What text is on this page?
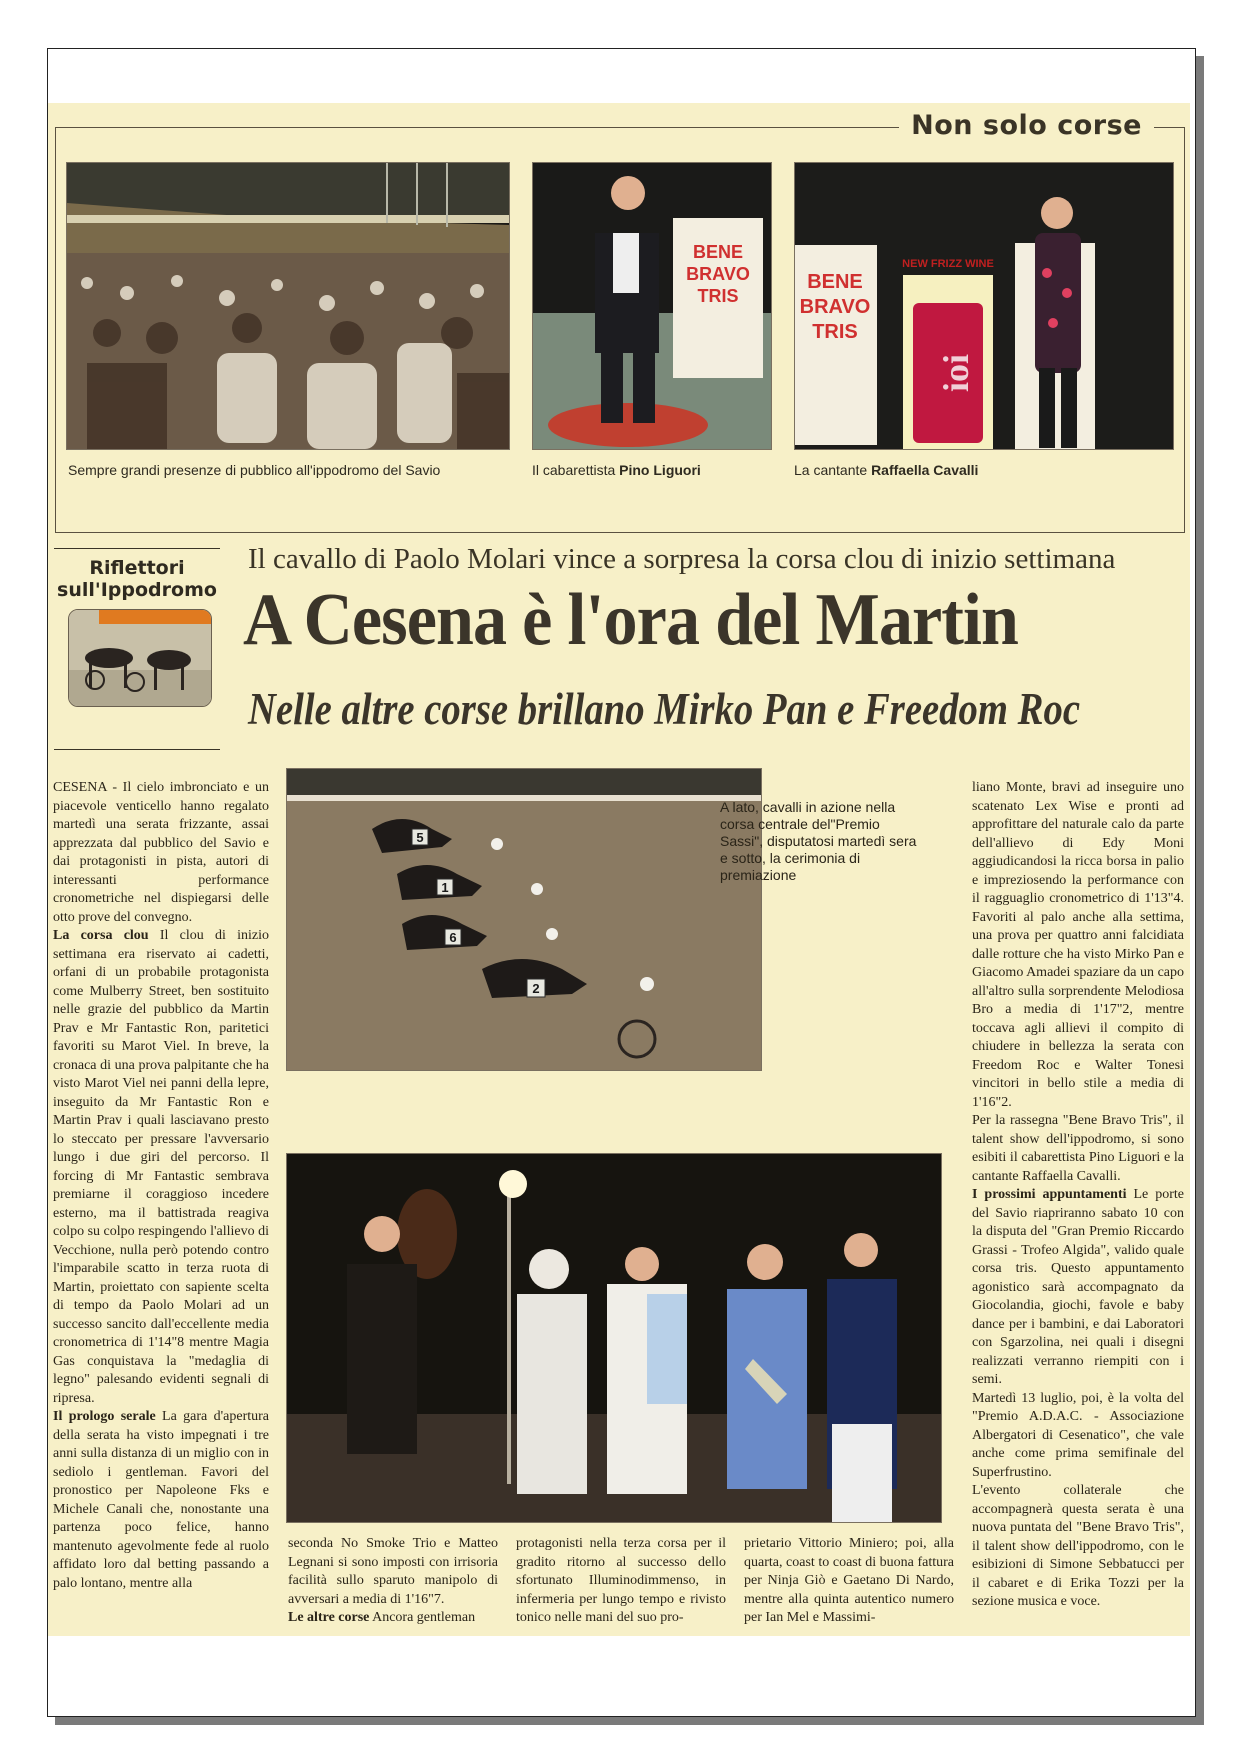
Non solo corse
BENE
BRAVO
TRIS
BENE
BRAVO
TRIS
NEW FRIZZ WINE
ioi
Sempre grandi presenze di pubblico all'ippodromo del Savio	Il cabarettista Pino Liguori	La cantante Raffaella Cavalli
Riflettori sull'Ippodromo
Il cavallo di Paolo Molari vince a sorpresa la corsa clou di inizio settimana
A Cesena è l'ora del Martin
Nelle altre corse brillano Mirko Pan e Freedom Roc
5
1
6
2
A lato, cavalli in azione nella corsa centrale del"Premio Sassi", disputatosi martedì sera e sotto, la cerimonia di premiazione

CESENA - Il cielo imbronciato e un piacevole venticello hanno regalato martedì una serata frizzante, assai apprezzata dal pubblico del Savio e dai protagonisti in pista, autori di interessanti performance cronometriche nel dispiegarsi delle otto prove del convegno.

La corsa clou Il clou di inizio settimana era riservato ai cadetti, orfani di un probabile protagonista come Mulberry Street, ben sostituito nelle grazie del pubblico da Martin Prav e Mr Fantastic Ron, paritetici favoriti su Marot Viel. In breve, la cronaca di una prova palpitante che ha visto Marot Viel nei panni della lepre, inseguito da Mr Fantastic Ron e Martin Prav i quali lasciavano presto lo steccato per pressare l'avversario lungo i due giri del percorso. Il forcing di Mr Fantastic sembrava premiarne il coraggioso incedere esterno, ma il battistrada reagiva colpo su colpo respingendo l'allievo di Vecchione, nulla però potendo contro l'imparabile scatto in terza ruota di Martin, proiettato con sapiente scelta di tempo da Paolo Molari ad un successo sancito dall'eccellente media cronometrica di 1'14"8 mentre Magia Gas conquistava la "medaglia di legno" palesando evidenti segnali di ripresa.

Il prologo serale La gara d'apertura della serata ha visto impegnati i tre anni sulla distanza di un miglio con in sediolo i gentleman. Favori del pronostico per Napoleone Fks e Michele Canali che, nonostante una partenza poco felice, hanno mantenuto agevolmente fede al ruolo affidato loro dal betting passando a palo lontano, mentre alla

seconda No Smoke Trio e Matteo Legnani si sono imposti con irrisoria facilità sullo sparuto manipolo di avversari a media di 1'16"7.

Le altre corse Ancora gentleman

protagonisti nella terza corsa per il gradito ritorno al successo dello sfortunato Illuminodimmenso, in infermeria per lungo tempo e rivisto tonico nelle mani del suo pro-

prietario Vittorio Miniero; poi, alla quarta, coast to coast di buona fattura per Ninja Giò e Gaetano Di Nardo, mentre alla quinta autentico numero per Ian Mel e Massimi-

liano Monte, bravi ad inseguire uno scatenato Lex Wise e pronti ad approfittare del naturale calo da parte dell'allievo di Edy Moni aggiudicandosi la ricca borsa in palio e impreziosendo la performance con il ragguaglio cronometrico di 1'13"4. Favoriti al palo anche alla settima, una prova per quattro anni falcidiata dalle rotture che ha visto Mirko Pan e Giacomo Amadei spaziare da un capo all'altro sulla sorprendente Melodiosa Bro a media di 1'17"2, mentre toccava agli allievi il compito di chiudere in bellezza la serata con Freedom Roc e Walter Tonesi vincitori in bello stile a media di 1'16"2.

Per la rassegna "Bene Bravo Tris", il talent show dell'ippodromo, si sono esibiti il cabarettista Pino Liguori e la cantante Raffaella Cavalli.

I prossimi appuntamenti Le porte del Savio riapriranno sabato 10 con la disputa del "Gran Premio Riccardo Grassi - Trofeo Algida", valido quale corsa tris. Questo appuntamento agonistico sarà accompagnato da Giocolandia, giochi, favole e baby dance per i bambini, e dai Laboratori con Sgarzolina, nei quali i disegni realizzati verranno riempiti con i semi.

Martedì 13 luglio, poi, è la volta del "Premio A.D.A.C. - Associazione Albergatori di Cesenatico", che vale anche come prima semifinale del Superfrustino.

L'evento collaterale che accompagnerà questa serata è una nuova puntata del "Bene Bravo Tris", il talent show dell'ippodromo, con le esibizioni di Simone Sebbatucci per il cabaret e di Erika Tozzi per la sezione musica e voce.
